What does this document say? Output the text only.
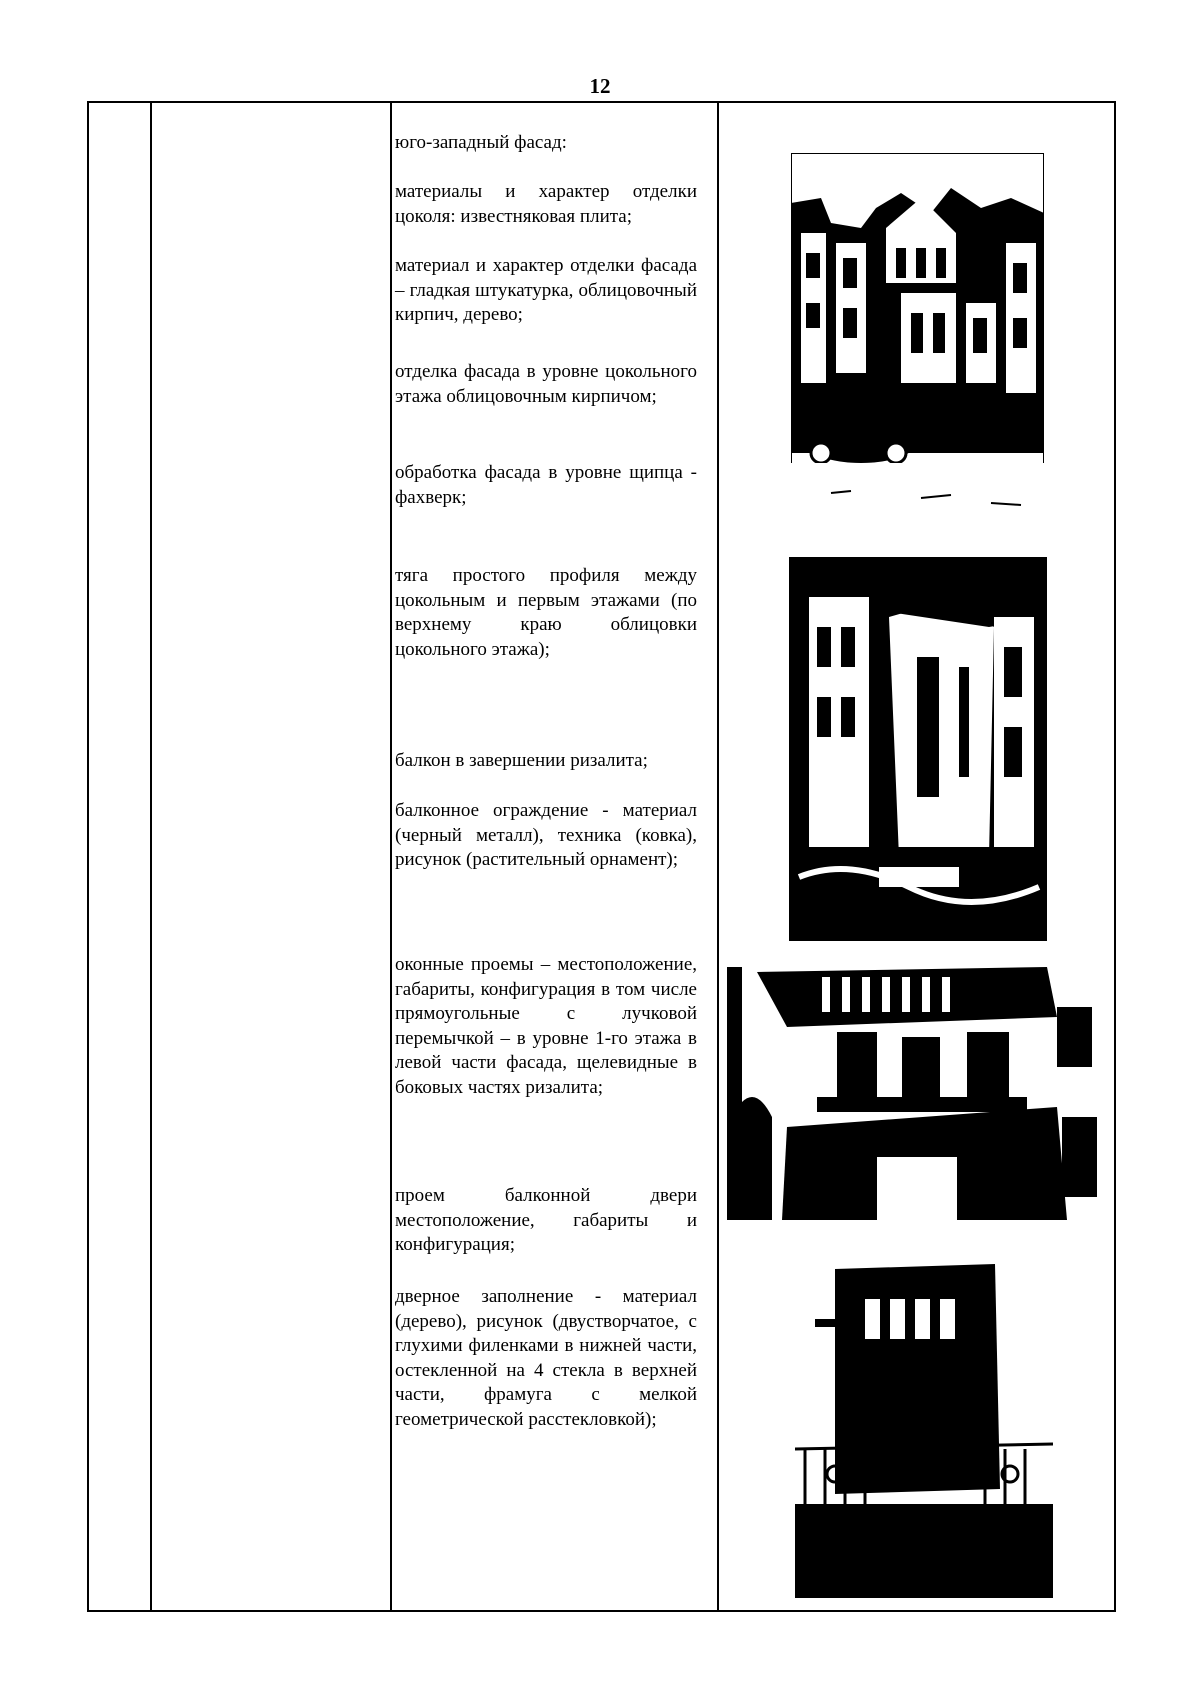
12

юго-западный фасад:

материалы и характер отделки цоколя: известняковая плита;

материал и характер отделки фасада – гладкая штукатурка, облицовочный кирпич, дерево;

отделка фасада в уровне цокольного этажа облицовочным кирпичом;

обработка фасада в уровне щипца - фахверк;

тяга простого профиля между цокольным и первым этажами (по верхнему краю облицовки цокольного этажа);

балкон в завершении ризалита;

балконное ограждение - материал (черный металл), техника (ковка), рисунок (растительный орнамент);

оконные проемы – местоположение, габариты, конфигурация в том числе прямоугольные с лучковой перемычкой – в уровне 1-го этажа в левой части фасада, щелевидные в боковых частях ризалита;

проем балконной двери местоположение, габариты и конфигурация;

дверное заполнение - материал (дерево), рисунок (двустворчатое, с глухими филенками в нижней части, остекленной на 4 стекла в верхней части, фрамуга с мелкой геометрической расстекловкой);
